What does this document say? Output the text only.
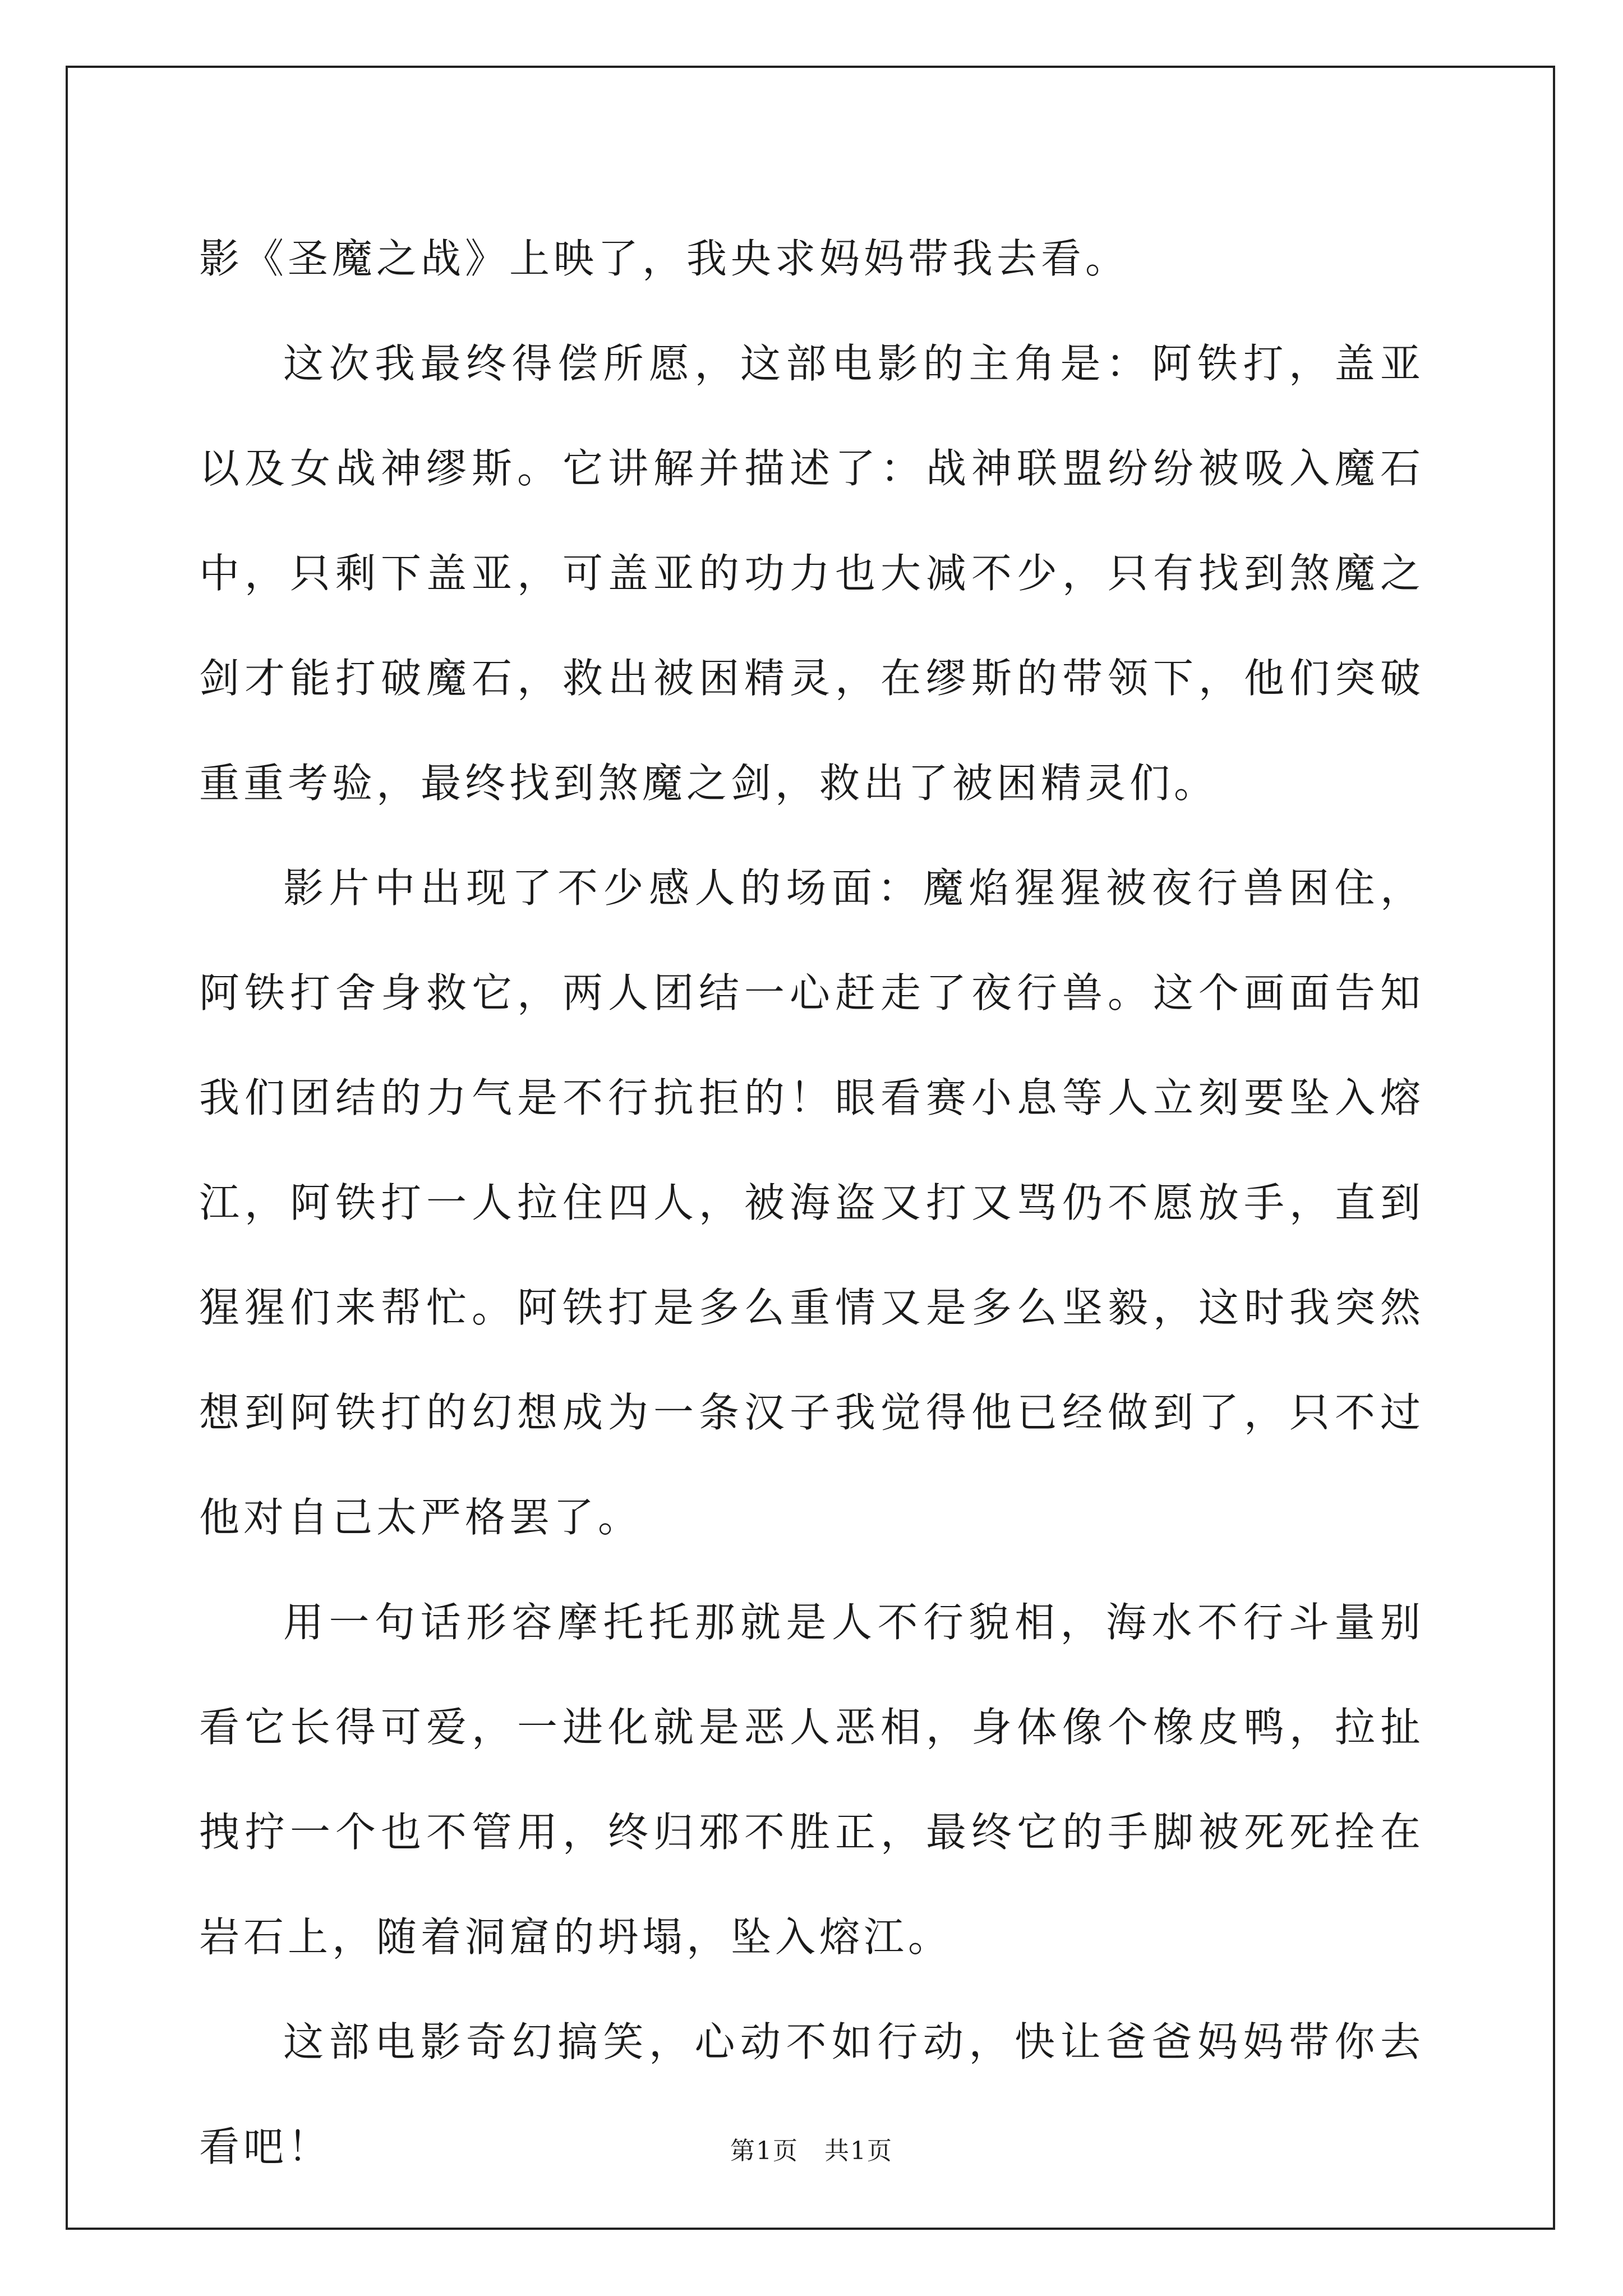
影《圣魔之战》上映了，我央求妈妈带我去看。

这次我最终得偿所愿，这部电影的主角是：阿铁打，盖亚以及女战神缪斯。它讲解并描述了：战神联盟纷纷被吸入魔石中，只剩下盖亚，可盖亚的功力也大减不少，只有找到煞魔之剑才能打破魔石，救出被困精灵，在缪斯的带领下，他们突破重重考验，最终找到煞魔之剑，救出了被困精灵们。

影片中出现了不少感人的场面：魔焰猩猩被夜行兽困住，阿铁打舍身救它，两人团结一心赶走了夜行兽。这个画面告知我们团结的力气是不行抗拒的！眼看赛小息等人立刻要坠入熔江，阿铁打一人拉住四人，被海盗又打又骂仍不愿放手，直到猩猩们来帮忙。阿铁打是多么重情又是多么坚毅，这时我突然想到阿铁打的幻想成为一条汉子我觉得他已经做到了，只不过他对自己太严格罢了。

用一句话形容摩托托那就是人不行貌相，海水不行斗量别看它长得可爱，一进化就是恶人恶相，身体像个橡皮鸭，拉扯拽拧一个也不管用，终归邪不胜正，最终它的手脚被死死拴在岩石上，随着洞窟的坍塌，坠入熔江。

这部电影奇幻搞笑，心动不如行动，快让爸爸妈妈带你去看吧！	第1页　共1页
